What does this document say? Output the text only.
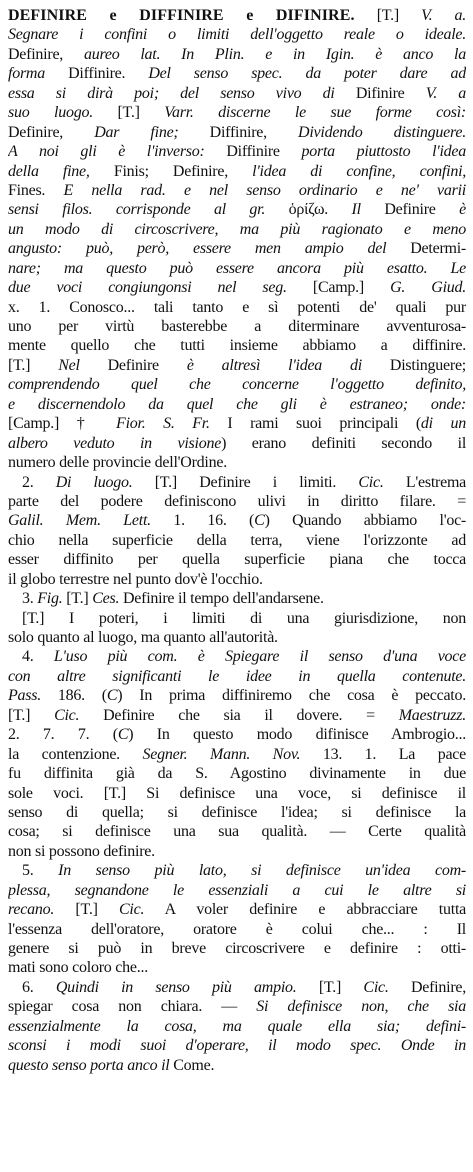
DEFINIRE e DIFFINIRE e DIFINIRE. [T.] V. a.
Segnare i confini o limiti dell'oggetto reale o ideale.
Definire, aureo lat. In Plin. e in Igin. è anco la
forma Diffinire. Del senso spec. da poter dare ad
essa si dirà poi; del senso vivo di Difinire V. a
suo luogo. [T.] Varr. discerne le sue forme così:
Definire, Dar fine; Diffinire, Dividendo distinguere.
A noi gli è l'inverso: Diffinire porta piuttosto l'idea
della fine, Finis; Definire, l'idea di confine, confini,
Fines. E nella rad. e nel senso ordinario e ne' varii
sensi filos. corrisponde al gr. ὁρίζω. Il Definire è
un modo di circoscrivere, ma più ragionato e meno
angusto: può, però, essere men ampio del Determi-
nare; ma questo può essere ancora più esatto. Le
due voci congiungonsi nel seg. [Camp.] G. Giud.
x. 1. Conosco... tali tanto e sì potenti de' quali pur
uno per virtù basterebbe a diterminare avventurosa-
mente quello che tutti insieme abbiamo a diffinire.
[T.] Nel Definire è altresì l'idea di Distinguere;
comprendendo quel che concerne l'oggetto definito,
e discernendolo da quel che gli è estraneo; onde:
[Camp.] † Fior. S. Fr. I rami suoi principali (di un
albero veduto in visione) erano definiti secondo il
numero delle provincie dell'Ordine.
2. Di luogo. [T.] Definire i limiti. Cic. L'estrema
parte del podere definiscono ulivi in diritto filare. =
Galil. Mem. Lett. 1. 16. (C) Quando abbiamo l'oc-
chio nella superficie della terra, viene l'orizzonte ad
esser diffinito per quella superficie piana che tocca
il globo terrestre nel punto dov'è l'occhio.
3. Fig. [T.] Ces. Definire il tempo dell'andarsene.
[T.] I poteri, i limiti di una giurisdizione, non
solo quanto al luogo, ma quanto all'autorità.
4. L'uso più com. è Spiegare il senso d'una voce
con altre significanti le idee in quella contenute.
Pass. 186. (C) In prima diffiniremo che cosa è peccato.
[T.] Cic. Definire che sia il dovere. = Maestruzz.
2. 7. 7. (C) In questo modo difinisce Ambrogio...
la contenzione. Segner. Mann. Nov. 13. 1. La pace
fu diffinita già da S. Agostino divinamente in due
sole voci. [T.] Si definisce una voce, si definisce il
senso di quella; si definisce l'idea; si definisce la
cosa; si definisce una sua qualità. — Certe qualità
non si possono definire.
5. In senso più lato, si definisce un'idea com-
plessa, segnandone le essenziali a cui le altre si
recano. [T.] Cic. A voler definire e abbracciare tutta
l'essenza dell'oratore, oratore è colui che... : Il
genere si può in breve circoscrivere e definire : otti-
mati sono coloro che...
6. Quindi in senso più ampio. [T.] Cic. Definire,
spiegar cosa non chiara. — Si definisce non, che sia
essenzialmente la cosa, ma quale ella sia; defini-
sconsi i modi suoi d'operare, il modo spec. Onde in
questo senso porta anco il Come.
